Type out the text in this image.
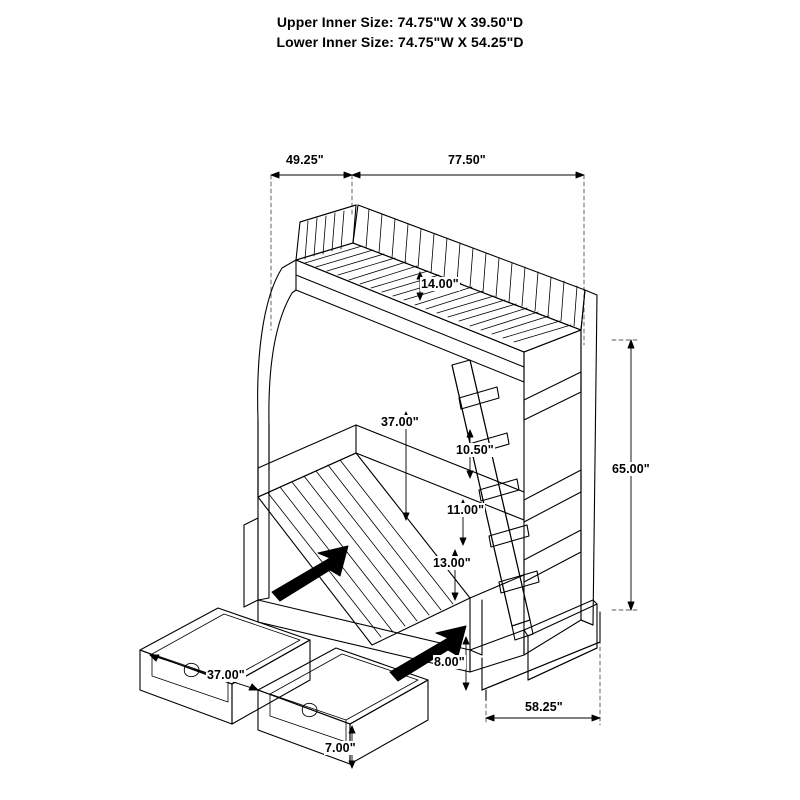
Upper Inner Size: 74.75"W X 39.50"D
Lower Inner Size: 74.75"W X 54.25"D
49.25"	77.50"
14.00"
65.00"
37.00"
10.50"
11.00"
13.00"
8.00"
58.25"
37.00"
7.00"
